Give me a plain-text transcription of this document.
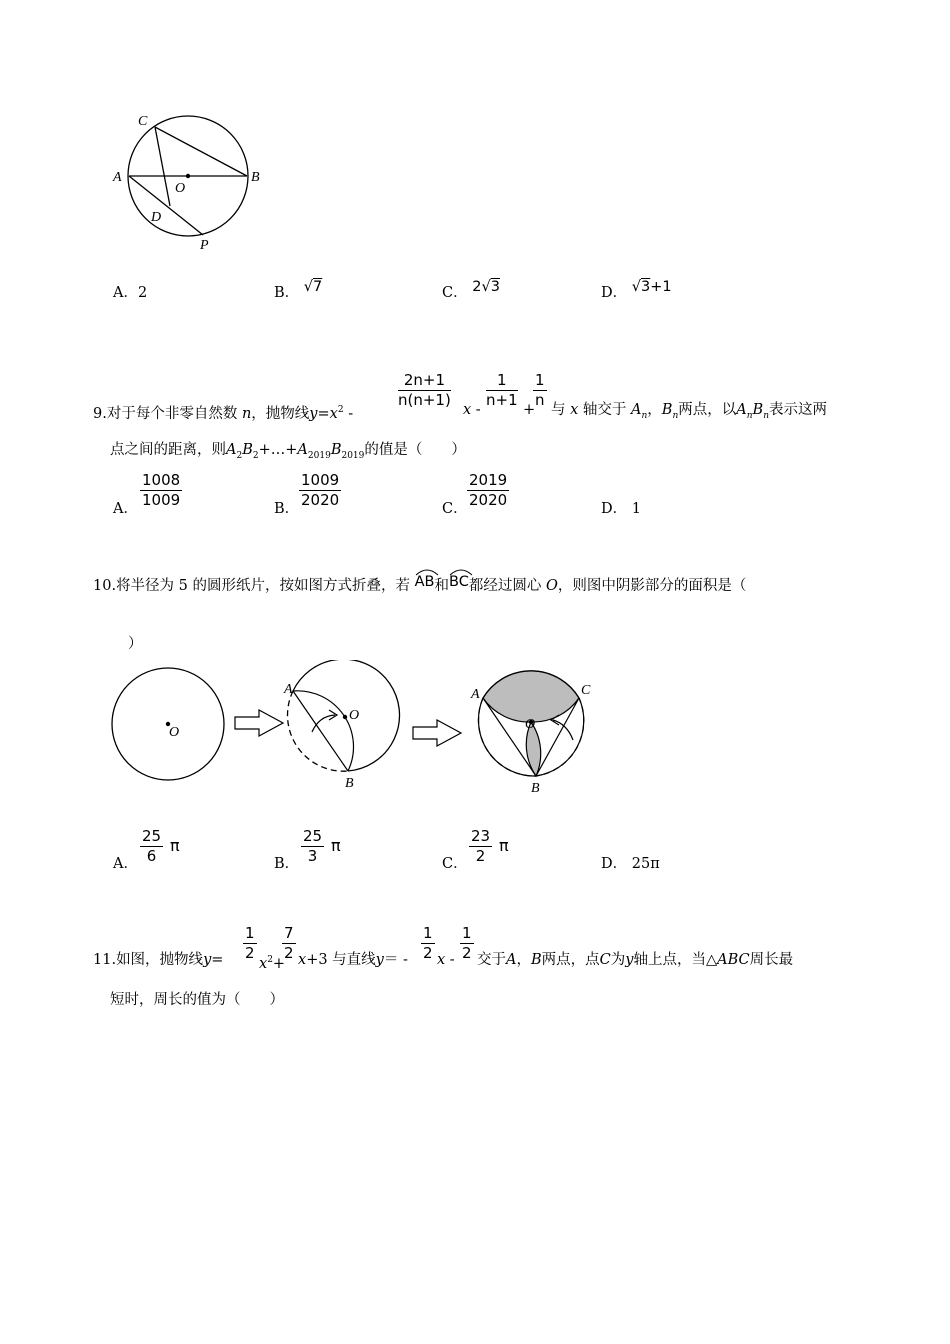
C
A
O
B
D
P
A．2	B． √7	C． 2√3	D． √3+1
9.对于每个非零自然数 n，抛物线$y=x^2$ -
$\frac{2n+1}{n(n+1)}$
x -
$\frac{1}{n+1}$
+
$\frac{1}{n}$
与 x 轴交于 $A_n$，$B_n$两点，以$A_nB_n$表示这两
点之间的距离，则$A_2B_2+\dots+A_{2019}B_{2019}$的值是（　　）
A． $\frac{1008}{1009}$	B． $\frac{1009}{2020}$	C． $\frac{2019}{2020}$	D． 1
10.将半径为 5 的圆形纸片，按如图方式折叠，若 AB和
BC都经过圆心 O，则图中阴影部分的面积是（
）
O
A
O
B
A	C
O
B
A． $\frac{25}{6}$ π
B． $\frac{25}{3}$ π
C． $\frac{23}{2}$ π
D． 25π
11.如图，抛物线$y= \frac{1}{2}$
$x^2+$
$\frac{7}{2} x+3$ 与直线$y= - \frac{1}{2}$ x - $\frac{1}{2}$ 交于A，B两点，点C为y轴上点，当△ABC周长最
短时，周长的值为（　　）
